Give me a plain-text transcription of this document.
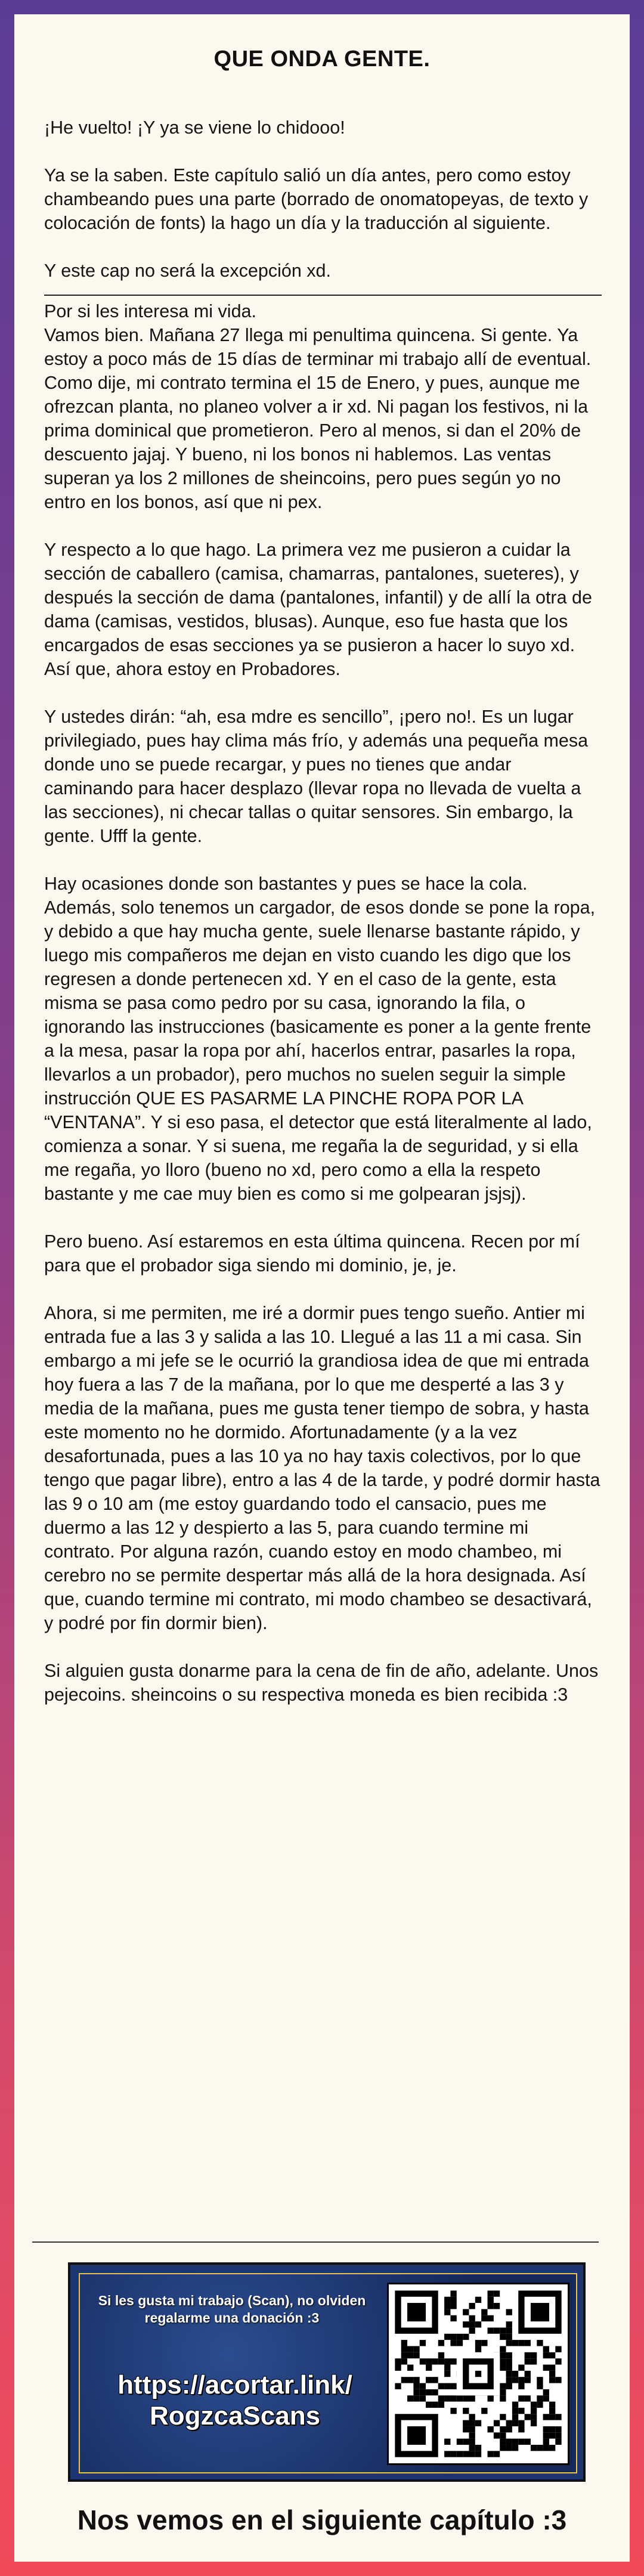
QUE ONDA GENTE.

¡He vuelto! ¡Y ya se viene lo chidooo!

Ya se la saben. Este capítulo salió un día antes, pero como estoy chambeando pues una parte (borrado de onomatopeyas, de texto y colocación de fonts) la hago un día y la traducción al siguiente.

Y este cap no será la excepción xd.

Por si les interesa mi vida.

Vamos bien. Mañana 27 llega mi penultima quincena. Si gente. Ya estoy a poco más de 15 días de terminar mi trabajo allí de eventual. Como dije, mi contrato termina el 15 de Enero, y pues, aunque me ofrezcan planta, no planeo volver a ir xd. Ni pagan los festivos, ni la prima dominical que prometieron. Pero al menos, si dan el 20% de descuento jajaj. Y bueno, ni los bonos ni hablemos. Las ventas superan ya los 2 millones de sheincoins, pero pues según yo no entro en los bonos, así que ni pex.

Y respecto a lo que hago. La primera vez me pusieron a cuidar la sección de caballero (camisa, chamarras, pantalones, sueteres), y después la sección de dama (pantalones, infantil) y de allí la otra de dama (camisas, vestidos, blusas). Aunque, eso fue hasta que los encargados de esas secciones ya se pusieron a hacer lo suyo xd. Así que, ahora estoy en Probadores.

Y ustedes dirán: “ah, esa mdre es sencillo”, ¡pero no!. Es un lugar privilegiado, pues hay clima más frío, y además una pequeña mesa donde uno se puede recargar, y pues no tienes que andar caminando para hacer desplazo (llevar ropa no llevada de vuelta a las secciones), ni checar tallas o quitar sensores. Sin embargo, la gente. Ufff la gente.

Hay ocasiones donde son bastantes y pues se hace la cola. Además, solo tenemos un cargador, de esos donde se pone la ropa, y debido a que hay mucha gente, suele llenarse bastante rápido, y luego mis compañeros me dejan en visto cuando les digo que los regresen a donde pertenecen xd. Y en el caso de la gente, esta misma se pasa como pedro por su casa, ignorando la fila, o ignorando las instrucciones (basicamente es poner a la gente frente a la mesa, pasar la ropa por ahí, hacerlos entrar, pasarles la ropa, llevarlos a un probador), pero muchos no suelen seguir la simple instrucción QUE ES PASARME LA PINCHE ROPA POR LA “VENTANA”. Y si eso pasa, el detector que está literalmente al lado, comienza a sonar. Y si suena, me regaña la de seguridad, y si ella me regaña, yo lloro (bueno no xd, pero como a ella la respeto bastante y me cae muy bien es como si me golpearan jsjsj).

Pero bueno. Así estaremos en esta última quincena. Recen por mí para que el probador siga siendo mi dominio, je, je.

Ahora, si me permiten, me iré a dormir pues tengo sueño. Antier mi entrada fue a las 3 y salida a las 10. Llegué a las 11 a mi casa. Sin embargo a mi jefe se le ocurrió la grandiosa idea de que mi entrada hoy fuera a las 7 de la mañana, por lo que me desperté a las 3 y media de la mañana, pues me gusta tener tiempo de sobra, y hasta este momento no he dormido. Afortunadamente (y a la vez desafortunada, pues a las 10 ya no hay taxis colectivos, por lo que tengo que pagar libre), entro a las 4 de la tarde, y podré dormir hasta las 9 o 10 am (me estoy guardando todo el cansacio, pues me duermo a las 12 y despierto a las 5, para cuando termine mi contrato. Por alguna razón, cuando estoy en modo chambeo, mi cerebro no se permite despertar más allá de la hora designada. Así que, cuando termine mi contrato, mi modo chambeo se desactivará, y podré por fin dormir bien).

Si alguien gusta donarme para la cena de fin de año, adelante. Unos pejecoins. sheincoins o su respectiva moneda es bien recibida :3

Si les gusta mi trabajo (Scan), no olviden regalarme una donación :3
https://acortar.link/
RogzcaScans
Nos vemos en el siguiente capítulo :3
